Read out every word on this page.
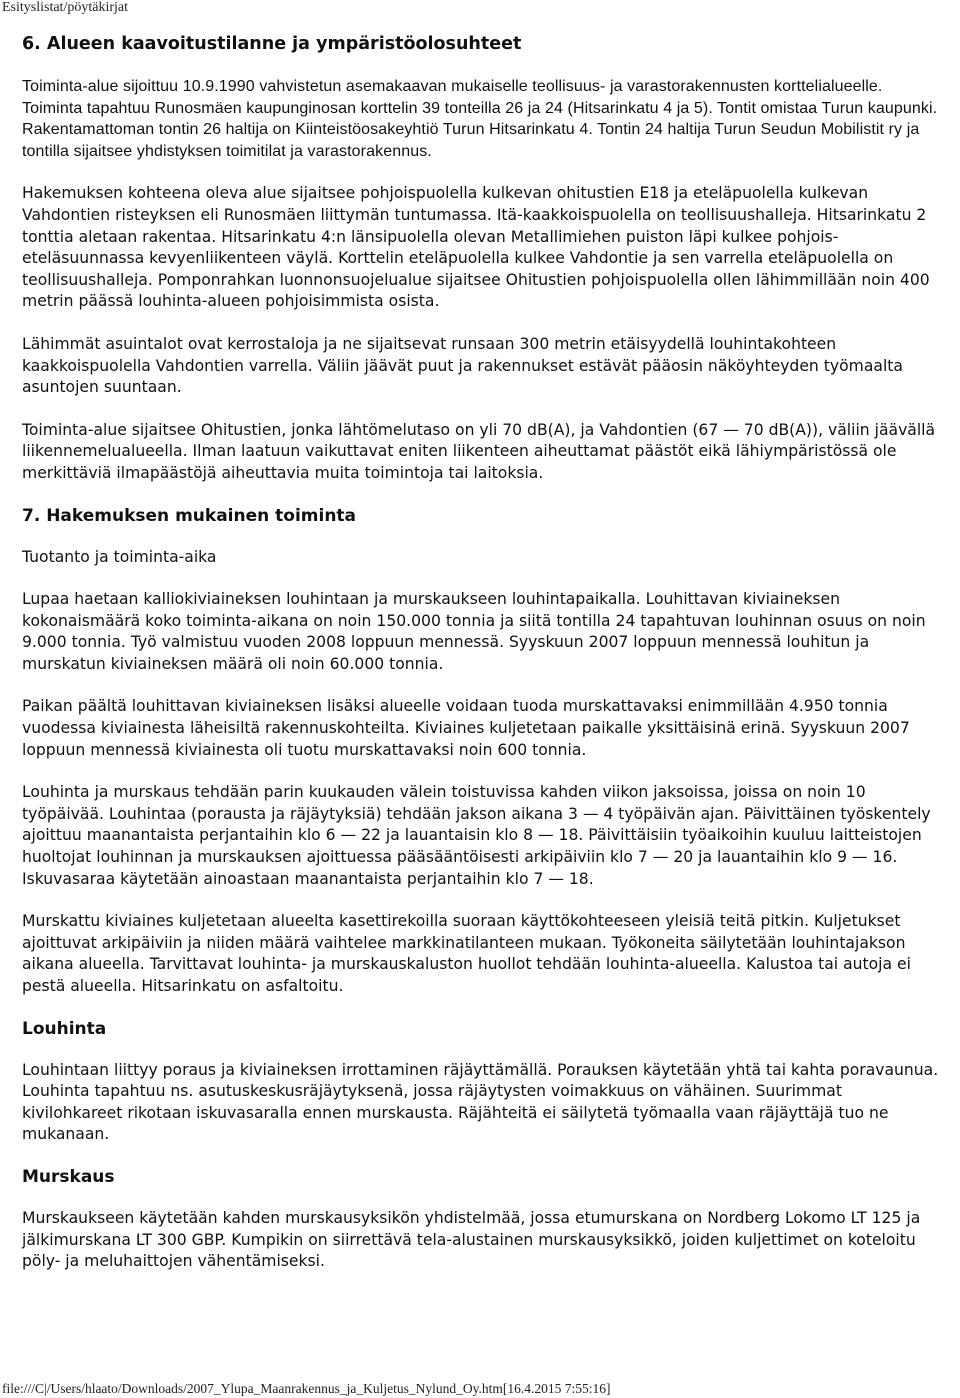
Esityslistat/pöytäkirjat
6. Alueen kaavoitustilanne ja ympäristöolosuhteet

Toiminta-alue sijoittuu 10.9.1990 vahvistetun asemakaavan mukaiselle teollisuus- ja varastorakennusten korttelialueelle. Toiminta tapahtuu Runosmäen kaupunginosan korttelin 39 tonteilla 26 ja 24 (Hitsarinkatu 4 ja 5). Tontit omistaa Turun kaupunki. Rakentamattoman tontin 26 haltija on Kiinteistöosakeyhtiö Turun Hitsarinkatu 4. Tontin 24 haltija Turun Seudun Mobilistit ry ja tontilla sijaitsee yhdistyksen toimitilat ja varastorakennus.

Hakemuksen kohteena oleva alue sijaitsee pohjoispuolella kulkevan ohitustien E18 ja eteläpuolella kulkevan Vahdontien risteyksen eli Runosmäen liittymän tuntumassa. Itä-kaakkoispuolella on teollisuushalleja. Hitsarinkatu 2 tonttia aletaan rakentaa. Hitsarinkatu 4:n länsipuolella olevan Metallimiehen puiston läpi kulkee pohjois-eteläsuunnassa kevyenliikenteen väylä. Korttelin eteläpuolella kulkee Vahdontie ja sen varrella eteläpuolella on teollisuushalleja. Pomponrahkan luonnonsuojelualue sijaitsee Ohitustien pohjoispuolella ollen lähimmillään noin 400 metrin päässä louhinta-alueen pohjoisimmista osista.

Lähimmät asuintalot ovat kerrostaloja ja ne sijaitsevat runsaan 300 metrin etäisyydellä louhintakohteen kaakkoispuolella Vahdontien varrella. Väliin jäävät puut ja rakennukset estävät pääosin näköyhteyden työmaalta asuntojen suuntaan.

Toiminta-alue sijaitsee Ohitustien, jonka lähtömelutaso on yli 70 dB(A), ja Vahdontien (67 — 70 dB(A)), väliin jäävällä liikennemelualueella. Ilman laatuun vaikuttavat eniten liikenteen aiheuttamat päästöt eikä lähiympäristössä ole merkittäviä ilmapäästöjä aiheuttavia muita toimintoja tai laitoksia.

7. Hakemuksen mukainen toiminta
Tuotanto ja toiminta-aika

Lupaa haetaan kalliokiviaineksen louhintaan ja murskaukseen louhintapaikalla. Louhittavan kiviaineksen kokonaismäärä koko toiminta-aikana on noin 150.000 tonnia ja siitä tontilla 24 tapahtuvan louhinnan osuus on noin 9.000 tonnia. Työ valmistuu vuoden 2008 loppuun mennessä. Syyskuun 2007 loppuun mennessä louhitun ja murskatun kiviaineksen määrä oli noin 60.000 tonnia.

Paikan päältä louhittavan kiviaineksen lisäksi alueelle voidaan tuoda murskattavaksi enimmillään 4.950 tonnia vuodessa kiviainesta läheisiltä rakennuskohteilta. Kiviaines kuljetetaan paikalle yksittäisinä erinä. Syyskuun 2007 loppuun mennessä kiviainesta oli tuotu murskattavaksi noin 600 tonnia.

Louhinta ja murskaus tehdään parin kuukauden välein toistuvissa kahden viikon jaksoissa, joissa on noin 10 työpäivää. Louhintaa (porausta ja räjäytyksiä) tehdään jakson aikana 3 — 4 työpäivän ajan. Päivittäinen työskentely ajoittuu maanantaista perjantaihin klo 6 — 22 ja lauantaisin klo 8 — 18. Päivittäisiin työaikoihin kuuluu laitteistojen huoltojat louhinnan ja murskauksen ajoittuessa pääsääntöisesti arkipäiviin klo 7 — 20 ja lauantaihin klo 9 — 16. Iskuvasaraa käytetään ainoastaan maanantaista perjantaihin klo 7 — 18.

Murskattu kiviaines kuljetetaan alueelta kasettirekoilla suoraan käyttökohteeseen yleisiä teitä pitkin. Kuljetukset ajoittuvat arkipäiviin ja niiden määrä vaihtelee markkinatilanteen mukaan. Työkoneita säilytetään louhintajakson aikana alueella. Tarvittavat louhinta- ja murskauskaluston huollot tehdään louhinta-alueella. Kalustoa tai autoja ei pestä alueella. Hitsarinkatu on asfaltoitu.

Louhinta

Louhintaan liittyy poraus ja kiviaineksen irrottaminen räjäyttämällä. Porauksen käytetään yhtä tai kahta poravaunua. Louhinta tapahtuu ns. asutuskeskusräjäytyksenä, jossa räjäytysten voimakkuus on vähäinen. Suurimmat kivilohkareet rikotaan iskuvasaralla ennen murskausta. Räjähteitä ei säilytetä työmaalla vaan räjäyttäjä tuo ne mukanaan.

Murskaus

Murskaukseen käytetään kahden murskausyksikön yhdistelmää, jossa etumurskana on Nordberg Lokomo LT 125 ja jälkimurskana LT 300 GBP. Kumpikin on siirrettävä tela-alustainen murskausyksikkö, joiden kuljettimet on koteloitu pöly- ja meluhaittojen vähentämiseksi.

file:///C|/Users/hlaato/Downloads/2007_Ylupa_Maanrakennus_ja_Kuljetus_Nylund_Oy.htm[16.4.2015 7:55:16]
